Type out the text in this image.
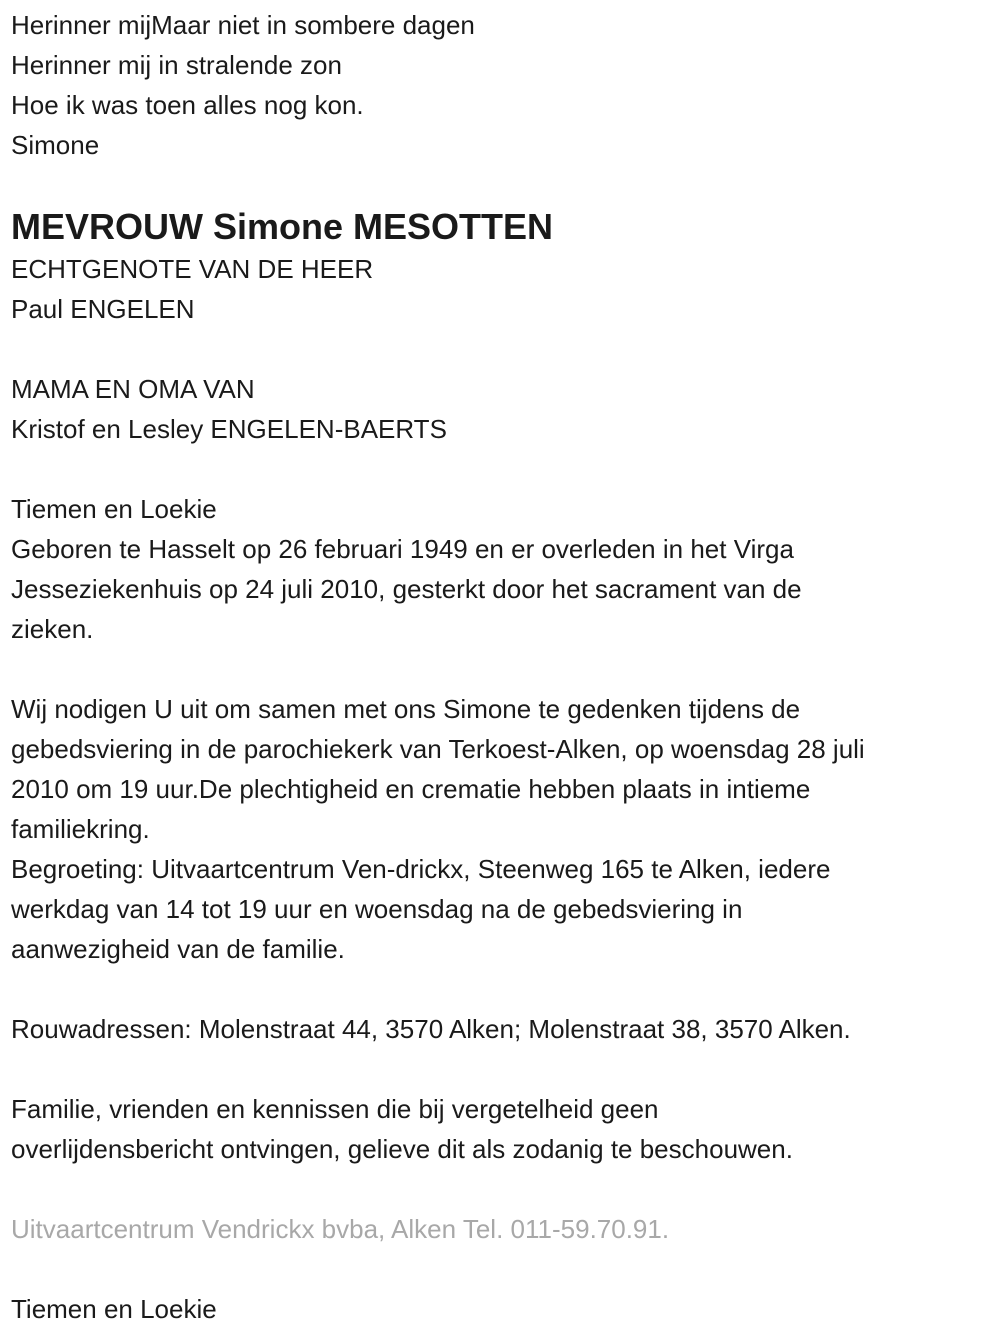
Herinner mijMaar niet in sombere dagen
Herinner mij in stralende zon
Hoe ik was toen alles nog kon.
Simone
MEVROUW Simone MESOTTEN
ECHTGENOTE VAN DE HEER
Paul ENGELEN
MAMA EN OMA VAN
Kristof en Lesley ENGELEN-BAERTS
Tiemen en Loekie
Geboren te Hasselt op 26 februari 1949 en er overleden in het Virga
Jesseziekenhuis op 24 juli 2010, gesterkt door het sacrament van de
zieken.
Wij nodigen U uit om samen met ons Simone te gedenken tijdens de
gebedsviering in de parochiekerk van Terkoest-Alken, op woensdag 28 juli
2010 om 19 uur.De plechtigheid en crematie hebben plaats in intieme
familiekring.
Begroeting: Uitvaartcentrum Ven-drickx, Steenweg 165 te Alken, iedere
werkdag van 14 tot 19 uur en woensdag na de gebedsviering in
aanwezigheid van de familie.
Rouwadressen: Molenstraat 44, 3570 Alken; Molenstraat 38, 3570 Alken.
Familie, vrienden en kennissen die bij vergetelheid geen
overlijdensbericht ontvingen, gelieve dit als zodanig te beschouwen.
Uitvaartcentrum Vendrickx bvba, Alken Tel. 011-59.70.91.
Tiemen en Loekie
